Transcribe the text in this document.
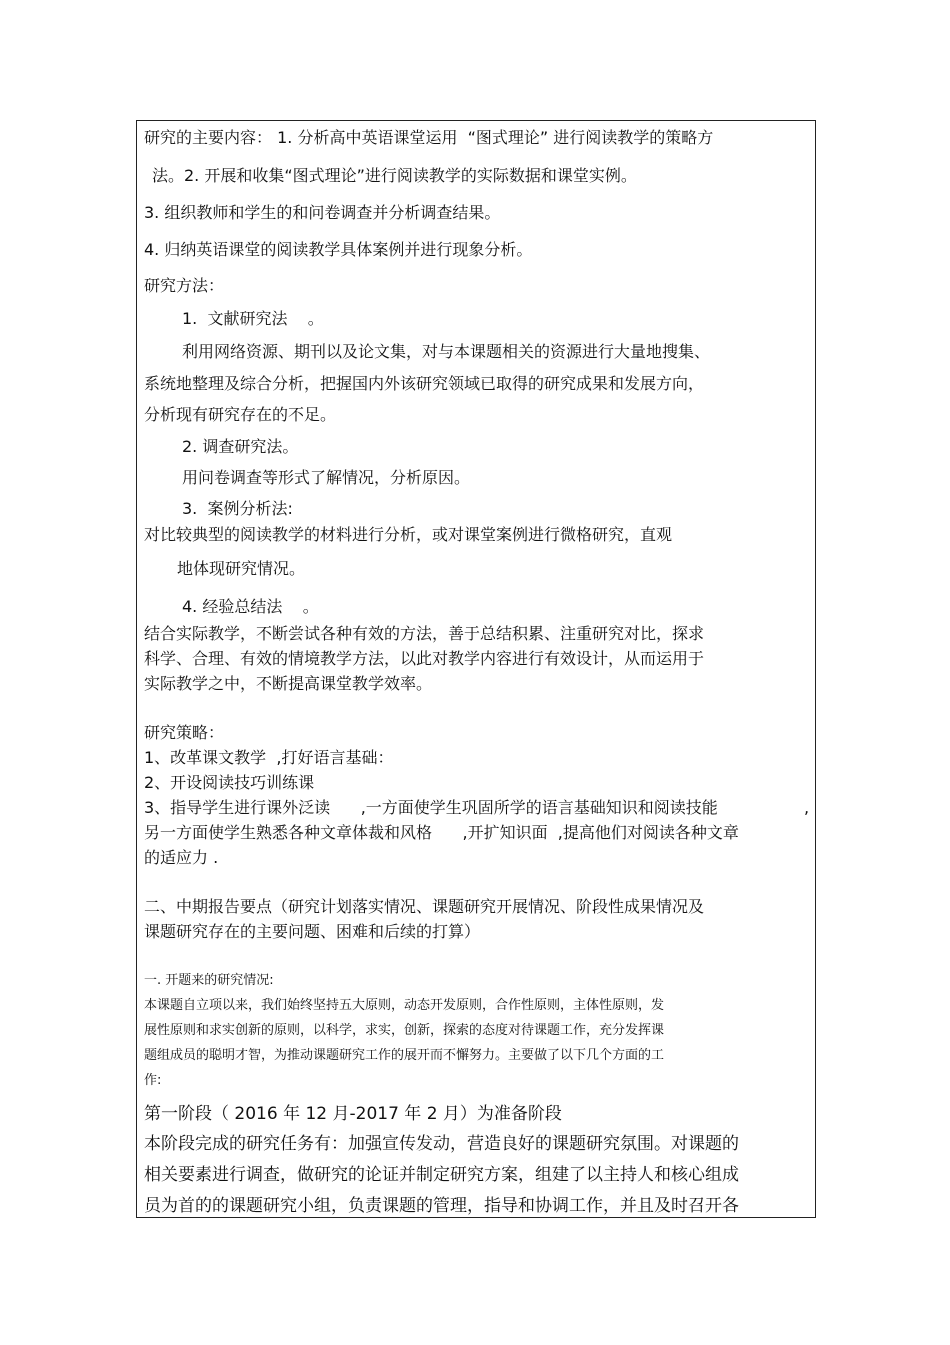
研究的主要内容： 1. 分析高中英语课堂运用  “图式理论” 进行阅读教学的策略方
法。2. 开展和收集“图式理论”进行阅读教学的实际数据和课堂实例。
3. 组织教师和学生的和问卷调查并分析调查结果。
4. 归纳英语课堂的阅读教学具体案例并进行现象分析。
研究方法：
1.  文献研究法    。
利用网络资源、期刊以及论文集，对与本课题相关的资源进行大量地搜集、
系统地整理及综合分析，把握国内外该研究领域已取得的研究成果和发展方向，
分析现有研究存在的不足。
2. 调查研究法。
用问卷调查等形式了解情况，分析原因。
3.  案例分析法:
对比较典型的阅读教学的材料进行分析，或对课堂案例进行微格研究，直观
地体现研究情况。
4. 经验总结法    。
结合实际教学，不断尝试各种有效的方法，善于总结积累、注重研究对比，探求
科学、合理、有效的情境教学方法，以此对教学内容进行有效设计，从而运用于
实际教学之中，不断提高课堂教学效率。
研究策略：
1、改革课文教学  ,打好语言基础：
2、开设阅读技巧训练课
3、指导学生进行课外泛读      ,一方面使学生巩固所学的语言基础知识和阅读技能	,
另一方面使学生熟悉各种文章体裁和风格      ,开扩知识面  ,提高他们对阅读各种文章
的适应力 .
二、中期报告要点（研究计划落实情况、课题研究开展情况、阶段性成果情况及
课题研究存在的主要问题、困难和后续的打算）
一. 开题来的研究情况:
本课题自立项以来，我们始终坚持五大原则，动态开发原则，合作性原则，主体性原则，发
展性原则和求实创新的原则，以科学，求实，创新，探索的态度对待课题工作，充分发挥课
题组成员的聪明才智，为推动课题研究工作的展开而不懈努力。主要做了以下几个方面的工
作:
第一阶段（ 2016 年 12 月-2017 年 2 月）为准备阶段
本阶段完成的研究任务有：加强宣传发动，营造良好的课题研究氛围。对课题的
相关要素进行调查，做研究的论证并制定研究方案，组建了以主持人和核心组成
员为首的的课题研究小组，负责课题的管理，指导和协调工作，并且及时召开各
